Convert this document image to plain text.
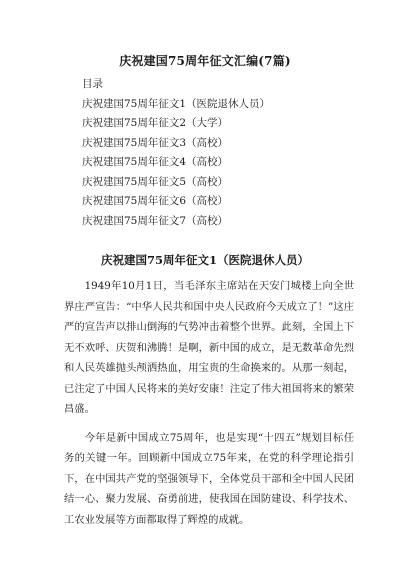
庆祝建国75周年征文汇编(7篇)

目录

庆祝建国75周年征文1（医院退休人员）
庆祝建国75周年征文2（大学）
庆祝建国75周年征文3（高校）
庆祝建国75周年征文4（高校）
庆祝建国75周年征文5（高校）
庆祝建国75周年征文6（高校）
庆祝建国75周年征文7（高校）
庆祝建国75周年征文1（医院退休人员）

1949年10月1日，当毛泽东主席站在天安门城楼上向全世界庄严宣告：“中华人民共和国中央人民政府今天成立了！”这庄严的宣告声以排山倒海的气势冲击着整个世界。此刻，全国上下无不欢呼、庆贺和沸腾！是啊，新中国的成立，是无数革命先烈和人民英雄抛头颅洒热血，用宝贵的生命换来的。从那一刻起，已注定了中国人民将来的美好安康！注定了伟大祖国将来的繁荣昌盛。

今年是新中国成立75周年，也是实现“十四五”规划目标任务的关键一年。回顾新中国成立75年来，在党的科学理论指引下，在中国共产党的坚强领导下，全体党员干部和全中国人民团结一心、聚力发展、奋勇前进，使我国在国防建设、科学技术、工农业发展等方面都取得了辉煌的成就。
